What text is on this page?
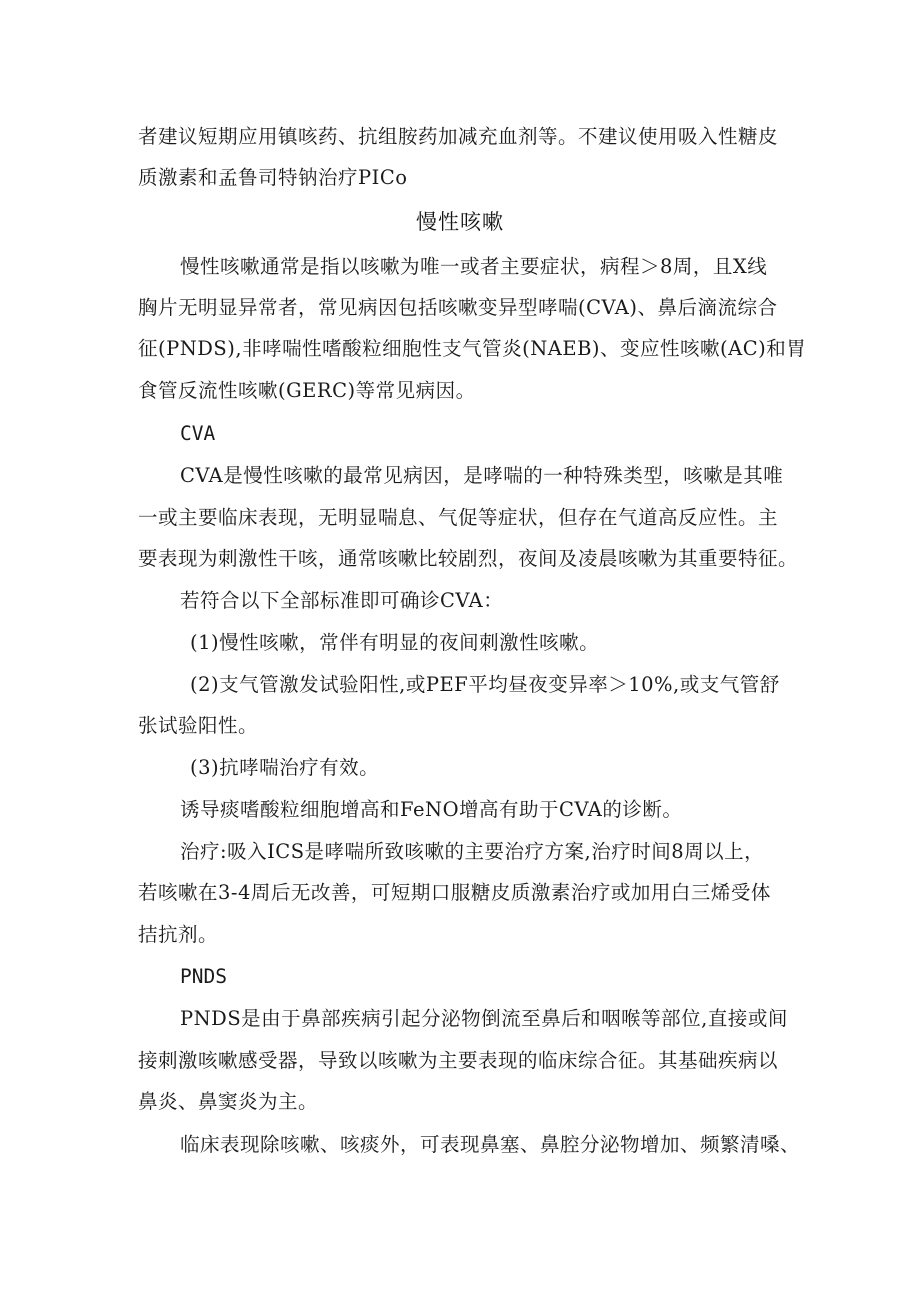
者建议短期应用镇咳药、抗组胺药加减充血剂等。不建议使用吸入性糖皮
质激素和孟鲁司特钠治疗PICo
慢性咳嗽
慢性咳嗽通常是指以咳嗽为唯一或者主要症状，病程＞8周，且X线
胸片无明显异常者，常见病因包括咳嗽变异型哮喘(CVA)、鼻后滴流综合
征(PNDS),非哮喘性嗜酸粒细胞性支气管炎(NAEB)、变应性咳嗽(AC)和胃
食管反流性咳嗽(GERC)等常见病因。
CVA
CVA是慢性咳嗽的最常见病因，是哮喘的一种特殊类型，咳嗽是其唯
一或主要临床表现，无明显喘息、气促等症状，但存在气道高反应性。主
要表现为刺激性干咳，通常咳嗽比较剧烈，夜间及凌晨咳嗽为其重要特征。
若符合以下全部标准即可确诊CVA：
(1)慢性咳嗽，常伴有明显的夜间刺激性咳嗽。
(2)支气管激发试验阳性,或PEF平均昼夜变异率＞10%,或支气管舒
张试验阳性。
(3)抗哮喘治疗有效。
诱导痰嗜酸粒细胞增高和FeNO增高有助于CVA的诊断。
治疗:吸入ICS是哮喘所致咳嗽的主要治疗方案,治疗时间8周以上，
若咳嗽在3-4周后无改善，可短期口服糖皮质激素治疗或加用白三烯受体
拮抗剂。
PNDS
PNDS是由于鼻部疾病引起分泌物倒流至鼻后和咽喉等部位,直接或间
接刺激咳嗽感受器，导致以咳嗽为主要表现的临床综合征。其基础疾病以
鼻炎、鼻窦炎为主。
临床表现除咳嗽、咳痰外，可表现鼻塞、鼻腔分泌物增加、频繁清嗓、
